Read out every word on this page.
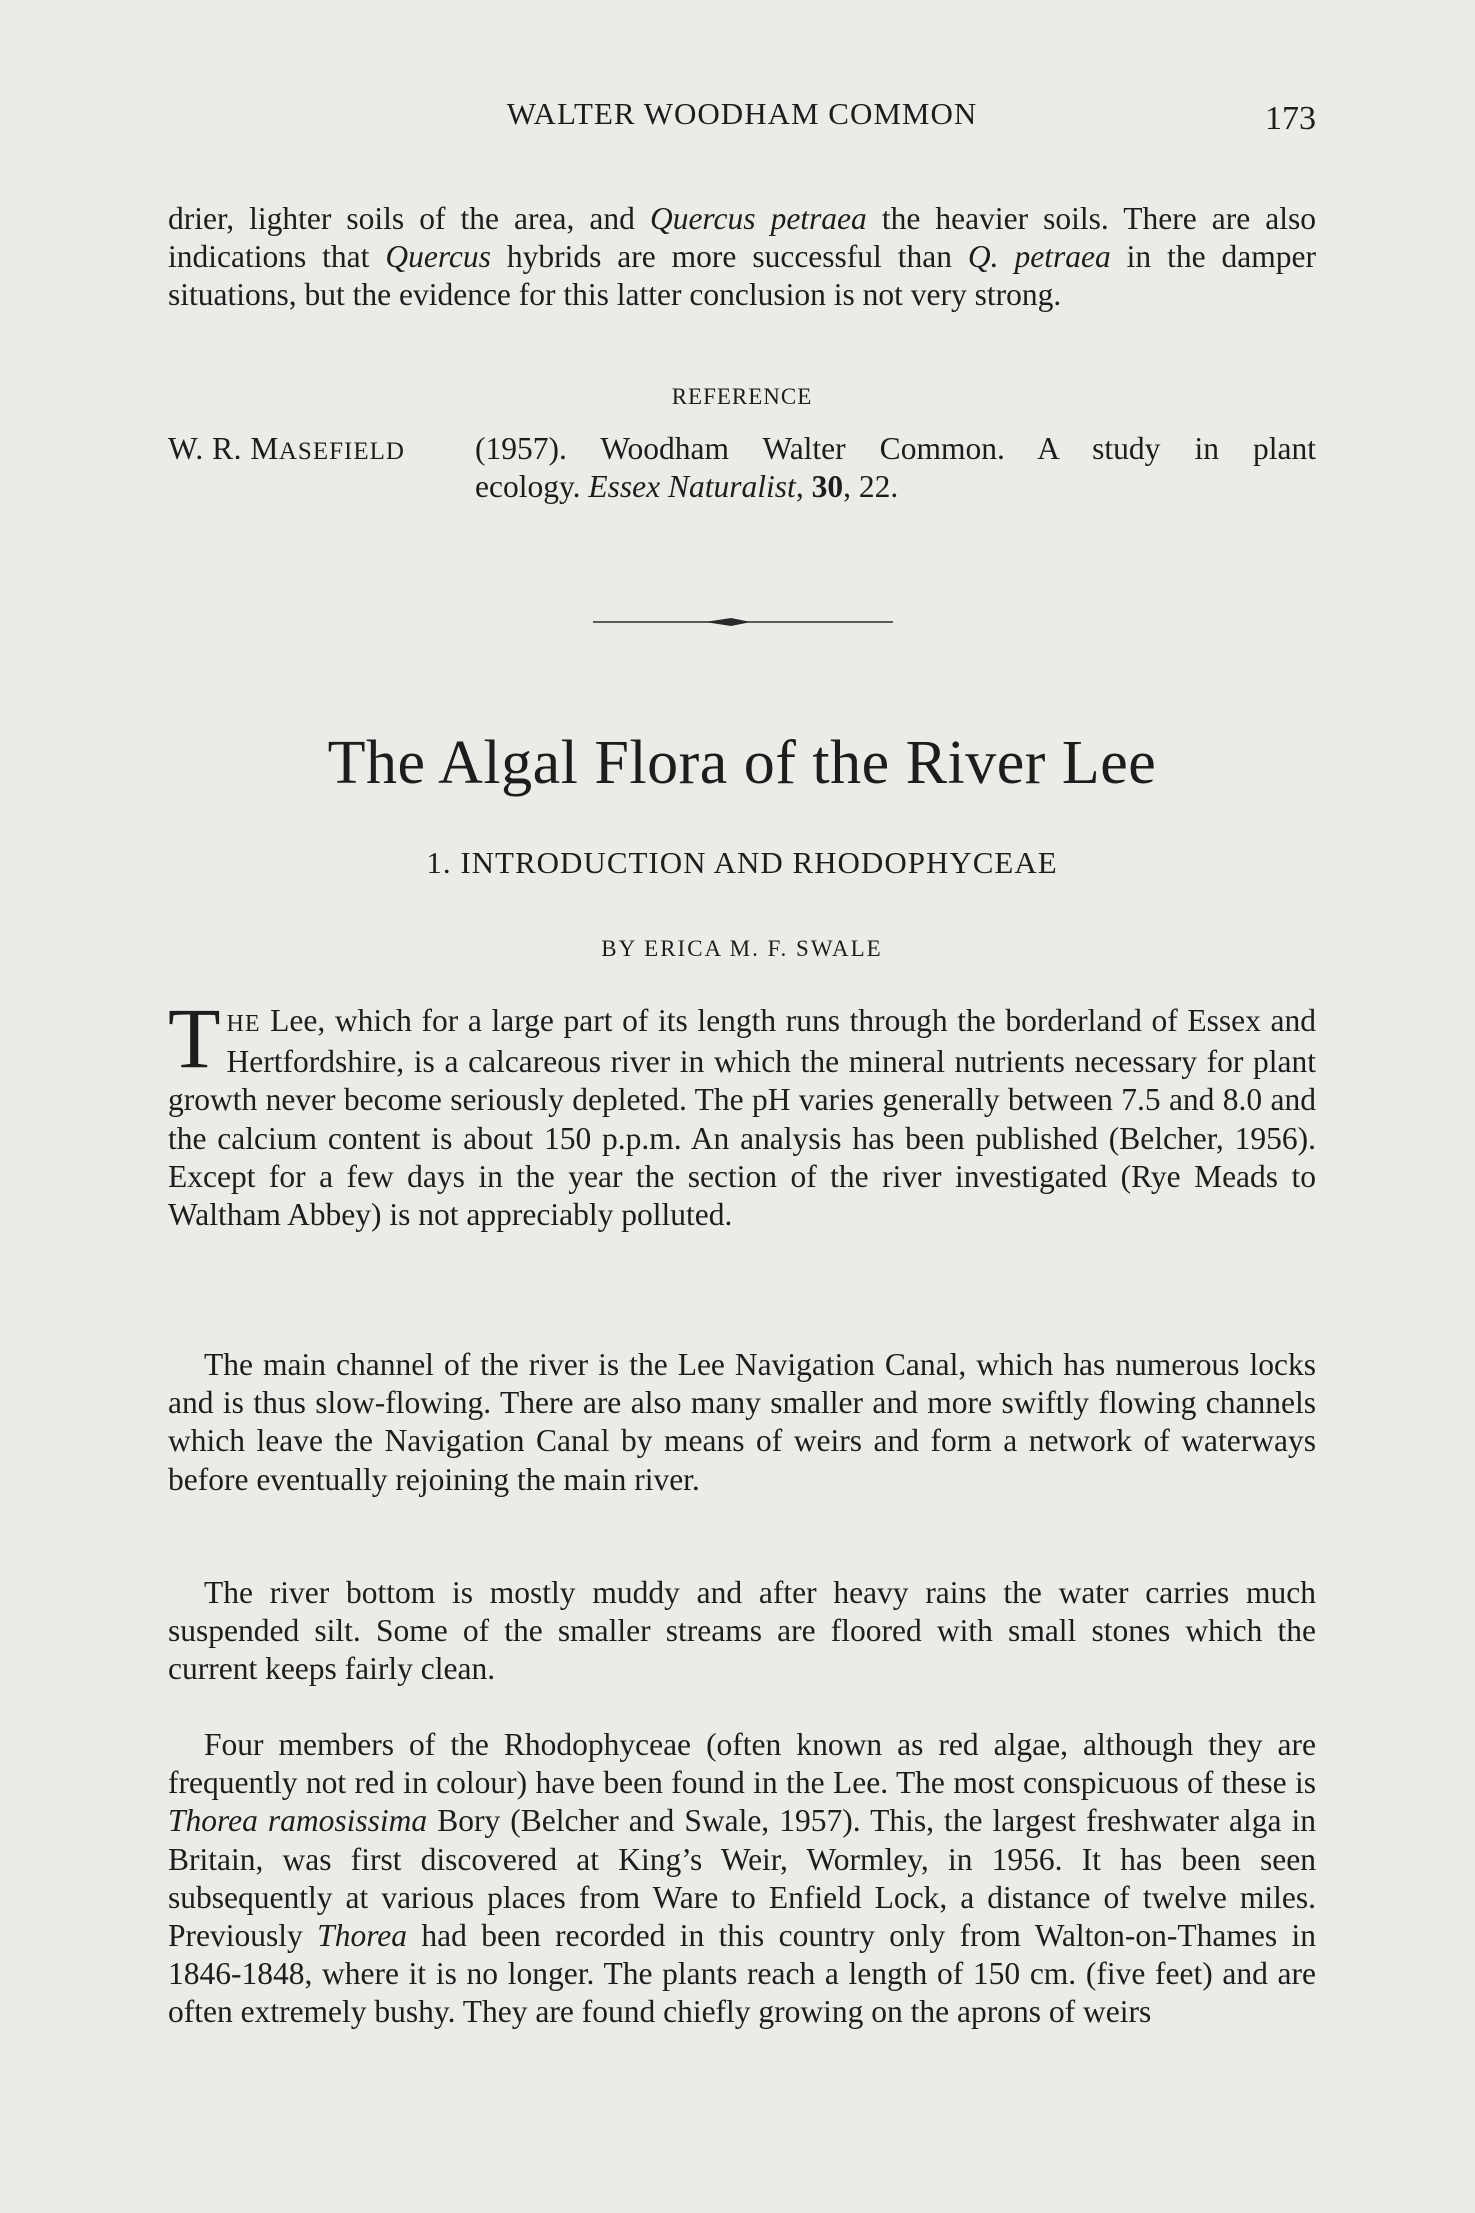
WALTER WOODHAM COMMON	173

drier, lighter soils of the area, and Quercus petraea the heavier soils. There are also indications that Quercus hybrids are more successful than Q. petraea in the damper situations, but the evidence for this latter conclusion is not very strong.

REFERENCE
W. R. MASEFIELD (1957). Woodham Walter Common. A study in plant
ecology. Essex Naturalist, 30, 22.
The Algal Flora of the River Lee
1. INTRODUCTION AND RHODOPHYCEAE
BY ERICA M. F. SWALE

THE Lee, which for a large part of its length runs through the borderland of Essex and Hertfordshire, is a calcareous river in which the mineral nutrients necessary for plant growth never become seriously depleted. The pH varies generally between 7.5 and 8.0 and the calcium content is about 150 p.p.m. An analysis has been published (Belcher, 1956). Except for a few days in the year the section of the river investigated (Rye Meads to Waltham Abbey) is not appreciably polluted.

The main channel of the river is the Lee Navigation Canal, which has numerous locks and is thus slow-flowing. There are also many smaller and more swiftly flowing channels which leave the Navigation Canal by means of weirs and form a network of waterways before eventually rejoining the main river.

The river bottom is mostly muddy and after heavy rains the water carries much suspended silt. Some of the smaller streams are floored with small stones which the current keeps fairly clean.

Four members of the Rhodophyceae (often known as red algae, although they are frequently not red in colour) have been found in the Lee. The most conspicuous of these is Thorea ramosissima Bory (Belcher and Swale, 1957). This, the largest freshwater alga in Britain, was first discovered at King’s Weir, Wormley, in 1956. It has been seen subsequently at various places from Ware to Enfield Lock, a distance of twelve miles. Previously Thorea had been recorded in this country only from Walton-on-Thames in 1846-1848, where it is no longer. The plants reach a length of 150 cm. (five feet) and are often extremely bushy. They are found chiefly growing on the aprons of weirs
